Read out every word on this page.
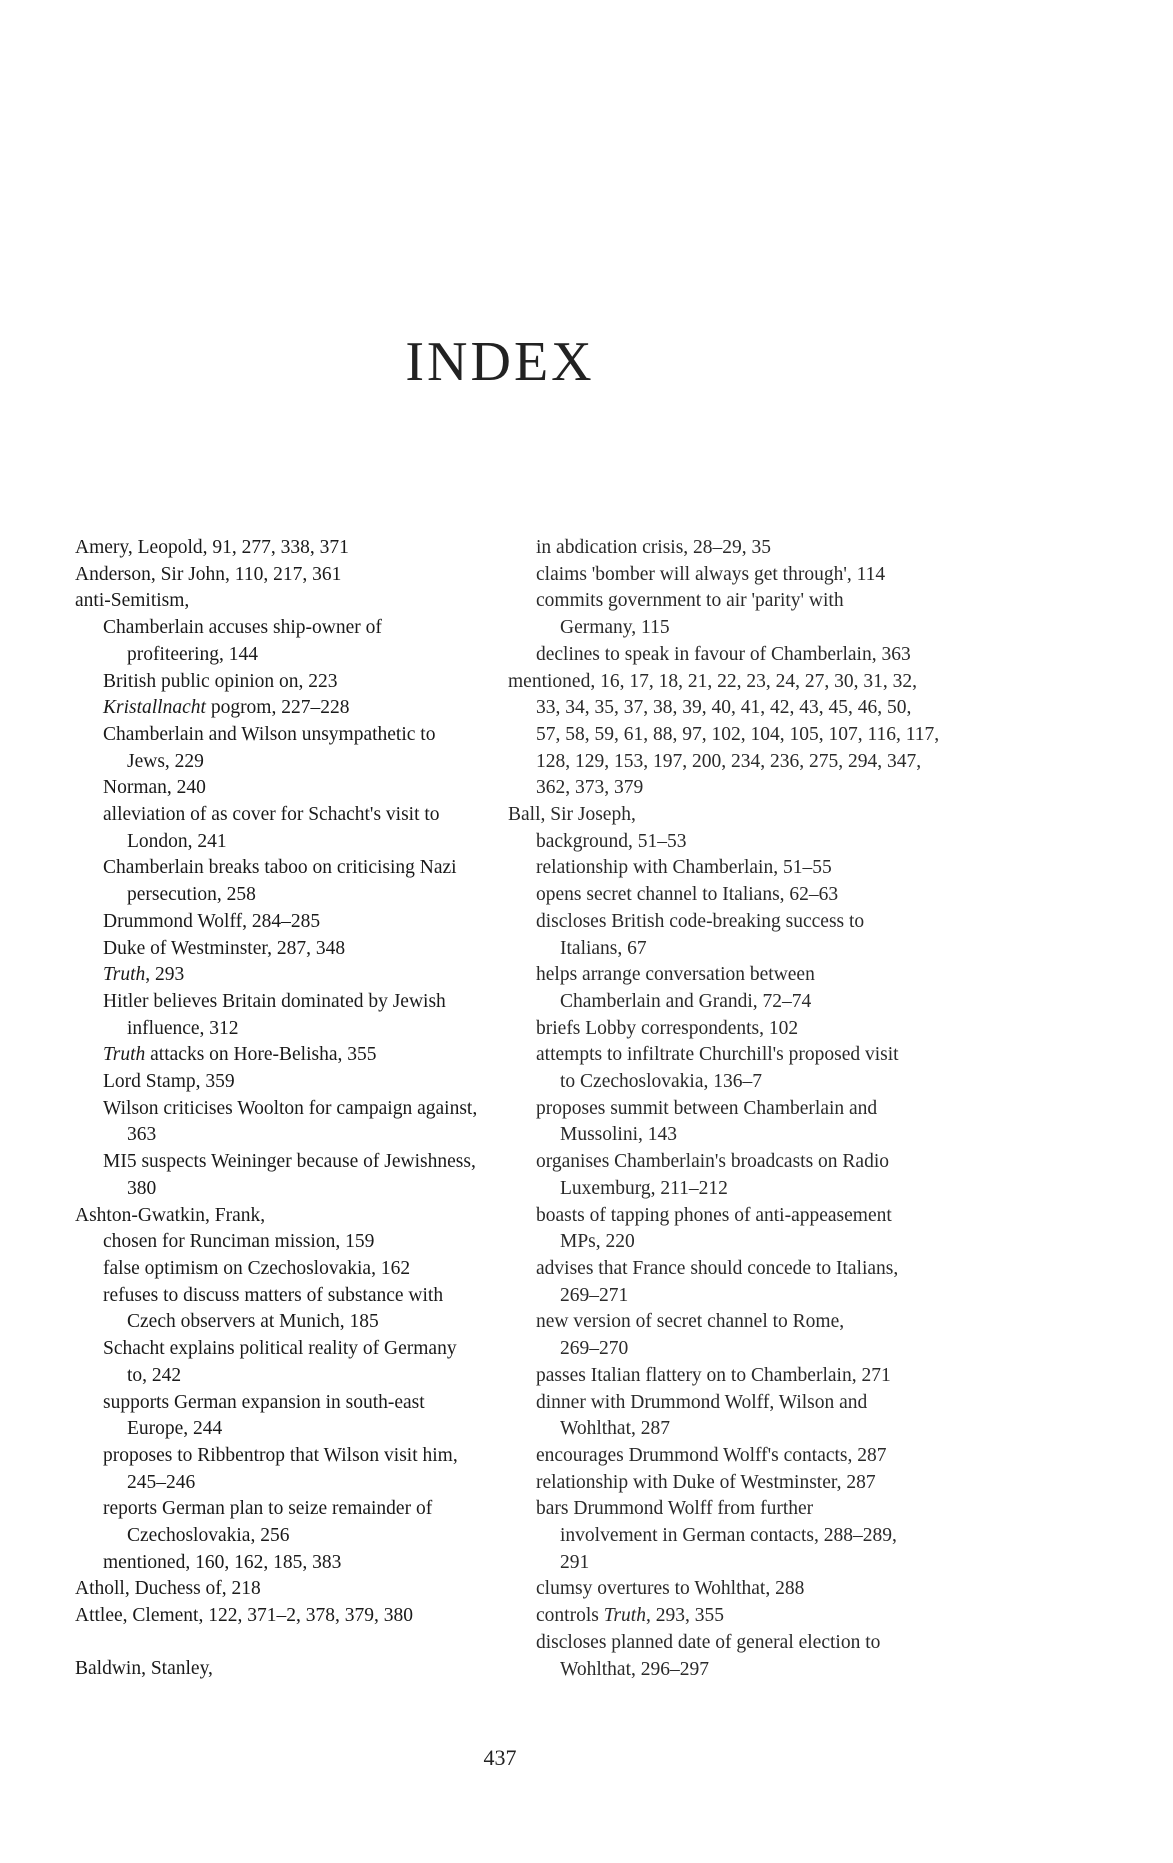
INDEX
Amery, Leopold, 91, 277, 338, 371
Anderson, Sir John, 110, 217, 361
anti-Semitism,
Chamberlain accuses ship-owner of
profiteering, 144
British public opinion on, 223
Kristallnacht pogrom, 227–228
Chamberlain and Wilson unsympathetic to
Jews, 229
Norman, 240
alleviation of as cover for Schacht's visit to
London, 241
Chamberlain breaks taboo on criticising Nazi
persecution, 258
Drummond Wolff, 284–285
Duke of Westminster, 287, 348
Truth, 293
Hitler believes Britain dominated by Jewish
influence, 312
Truth attacks on Hore-Belisha, 355
Lord Stamp, 359
Wilson criticises Woolton for campaign against,
363
MI5 suspects Weininger because of Jewishness,
380
Ashton-Gwatkin, Frank,
chosen for Runciman mission, 159
false optimism on Czechoslovakia, 162
refuses to discuss matters of substance with
Czech observers at Munich, 185
Schacht explains political reality of Germany
to, 242
supports German expansion in south-east
Europe, 244
proposes to Ribbentrop that Wilson visit him,
245–246
reports German plan to seize remainder of
Czechoslovakia, 256
mentioned, 160, 162, 185, 383
Atholl, Duchess of, 218
Attlee, Clement, 122, 371–2, 378, 379, 380
Baldwin, Stanley,
in abdication crisis, 28–29, 35
claims 'bomber will always get through', 114
commits government to air 'parity' with
Germany, 115
declines to speak in favour of Chamberlain, 363
mentioned, 16, 17, 18, 21, 22, 23, 24, 27, 30, 31, 32,
33, 34, 35, 37, 38, 39, 40, 41, 42, 43, 45, 46, 50,
57, 58, 59, 61, 88, 97, 102, 104, 105, 107, 116, 117,
128, 129, 153, 197, 200, 234, 236, 275, 294, 347,
362, 373, 379
Ball, Sir Joseph,
background, 51–53
relationship with Chamberlain, 51–55
opens secret channel to Italians, 62–63
discloses British code-breaking success to
Italians, 67
helps arrange conversation between
Chamberlain and Grandi, 72–74
briefs Lobby correspondents, 102
attempts to infiltrate Churchill's proposed visit
to Czechoslovakia, 136–7
proposes summit between Chamberlain and
Mussolini, 143
organises Chamberlain's broadcasts on Radio
Luxemburg, 211–212
boasts of tapping phones of anti-appeasement
MPs, 220
advises that France should concede to Italians,
269–271
new version of secret channel to Rome,
269–270
passes Italian flattery on to Chamberlain, 271
dinner with Drummond Wolff, Wilson and
Wohlthat, 287
encourages Drummond Wolff's contacts, 287
relationship with Duke of Westminster, 287
bars Drummond Wolff from further
involvement in German contacts, 288–289,
291
clumsy overtures to Wohlthat, 288
controls Truth, 293, 355
discloses planned date of general election to
Wohlthat, 296–297
437
